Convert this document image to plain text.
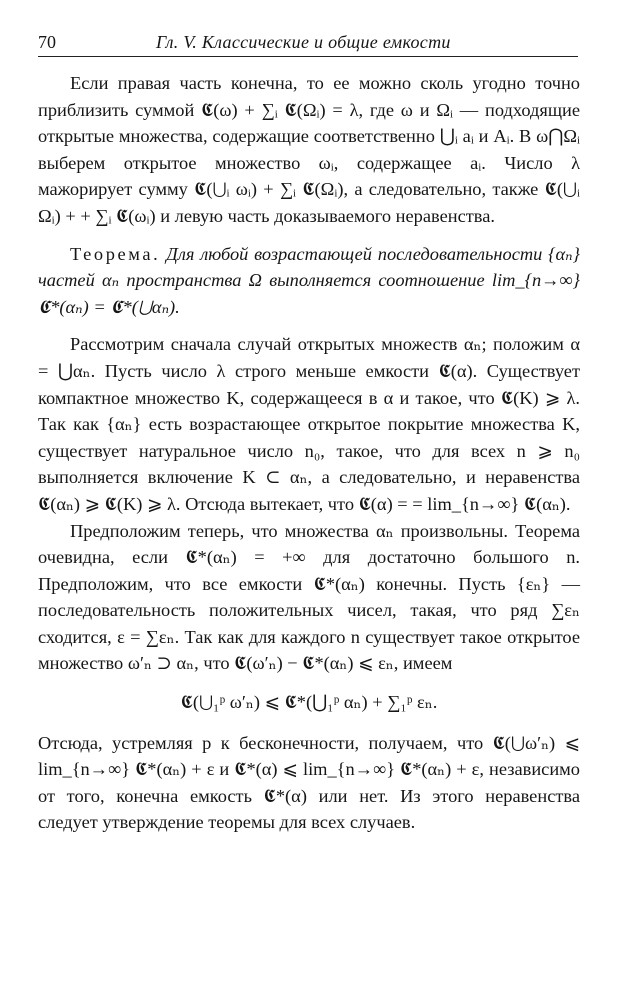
70	Гл. V. Классические и общие емкости

Если правая часть конечна, то ее можно сколь угодно точно приблизить суммой 𝕮(ω) + ∑ᵢ 𝕮(Ωᵢ) = λ, где ω и Ωᵢ — подходящие открытые множества, содержащие соответственно ⋃ᵢ aᵢ и Aᵢ. В ω⋂Ωᵢ выберем открытое множество ωᵢ, содержащее aᵢ. Число λ мажорирует сумму 𝕮(⋃ᵢ ωᵢ) + ∑ᵢ 𝕮(Ωᵢ), а следовательно, также 𝕮(⋃ᵢ Ωᵢ) + + ∑ᵢ 𝕮(ωᵢ) и левую часть доказываемого неравенства.

Теорема. Для любой возрастающей последовательности {αₙ} частей αₙ пространства Ω выполняется соотношение lim_{n→∞} 𝕮*(αₙ) = 𝕮*(⋃αₙ).

Рассмотрим сначала случай открытых множеств αₙ; положим α = ⋃αₙ. Пусть число λ строго меньше емкости 𝕮(α). Существует компактное множество K, содержащееся в α и такое, что 𝕮(K) ⩾ λ. Так как {αₙ} есть возрастающее открытое покрытие множества K, существует натуральное число n₀, такое, что для всех n ⩾ n₀ выполняется включение K ⊂ αₙ, а следовательно, и неравенства 𝕮(αₙ) ⩾ 𝕮(K) ⩾ λ. Отсюда вытекает, что 𝕮(α) = = lim_{n→∞} 𝕮(αₙ).

Предположим теперь, что множества αₙ произвольны. Теорема очевидна, если 𝕮*(αₙ) = +∞ для достаточно большого n. Предположим, что все емкости 𝕮*(αₙ) конечны. Пусть {εₙ} — последовательность положительных чисел, такая, что ряд ∑εₙ сходится, ε = ∑εₙ. Так как для каждого n существует такое открытое множество ω′ₙ ⊃ αₙ, что 𝕮(ω′ₙ) − 𝕮*(αₙ) ⩽ εₙ, имеем

𝕮(⋃₁ᵖ ω′ₙ) ⩽ 𝕮*(⋃₁ᵖ αₙ) + ∑₁ᵖ εₙ.

Отсюда, устремляя p к бесконечности, получаем, что 𝕮(⋃ω′ₙ) ⩽ lim_{n→∞} 𝕮*(αₙ) + ε и 𝕮*(α) ⩽ lim_{n→∞} 𝕮*(αₙ) + ε, независимо от того, конечна емкость 𝕮*(α) или нет. Из этого неравенства следует утверждение теоремы для всех случаев.
